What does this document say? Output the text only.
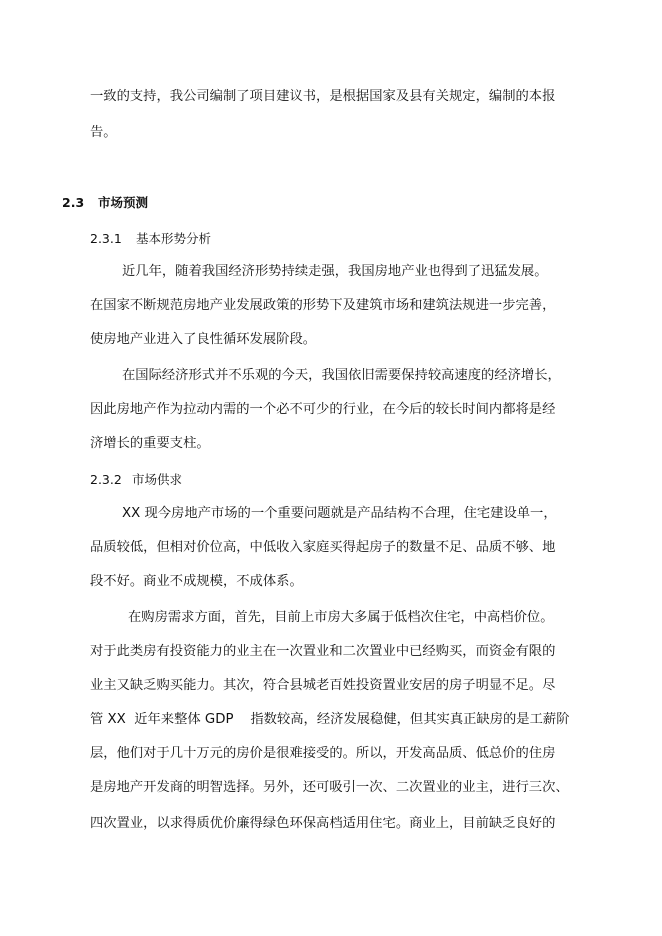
一致的支持，我公司编制了项目建议书，是根据国家及县有关规定，编制的本报

告。

2.3 市场预测
2.3.1 基本形势分析

近几年，随着我国经济形势持续走强，我国房地产业也得到了迅猛发展。

在国家不断规范房地产业发展政策的形势下及建筑市场和建筑法规进一步完善，

使房地产业进入了良性循环发展阶段。

在国际经济形式并不乐观的今天，我国依旧需要保持较高速度的经济增长，

因此房地产作为拉动内需的一个必不可少的行业，在今后的较长时间内都将是经

济增长的重要支柱。

2.3.2 市场供求

XX 现今房地产市场的一个重要问题就是产品结构不合理，住宅建设单一，

品质较低，但相对价位高，中低收入家庭买得起房子的数量不足、品质不够、地

段不好。商业不成规模，不成体系。

在购房需求方面，首先，目前上市房大多属于低档次住宅，中高档价位。

对于此类房有投资能力的业主在一次置业和二次置业中已经购买，而资金有限的

业主又缺乏购买能力。其次，符合县城老百姓投资置业安居的房子明显不足。尽

管 XX  近年来整体 GDP    指数较高，经济发展稳健，但其实真正缺房的是工薪阶

层，他们对于几十万元的房价是很难接受的。所以，开发高品质、低总价的住房

是房地产开发商的明智选择。另外，还可吸引一次、二次置业的业主，进行三次、

四次置业，以求得质优价廉得绿色环保高档适用住宅。商业上，目前缺乏良好的
